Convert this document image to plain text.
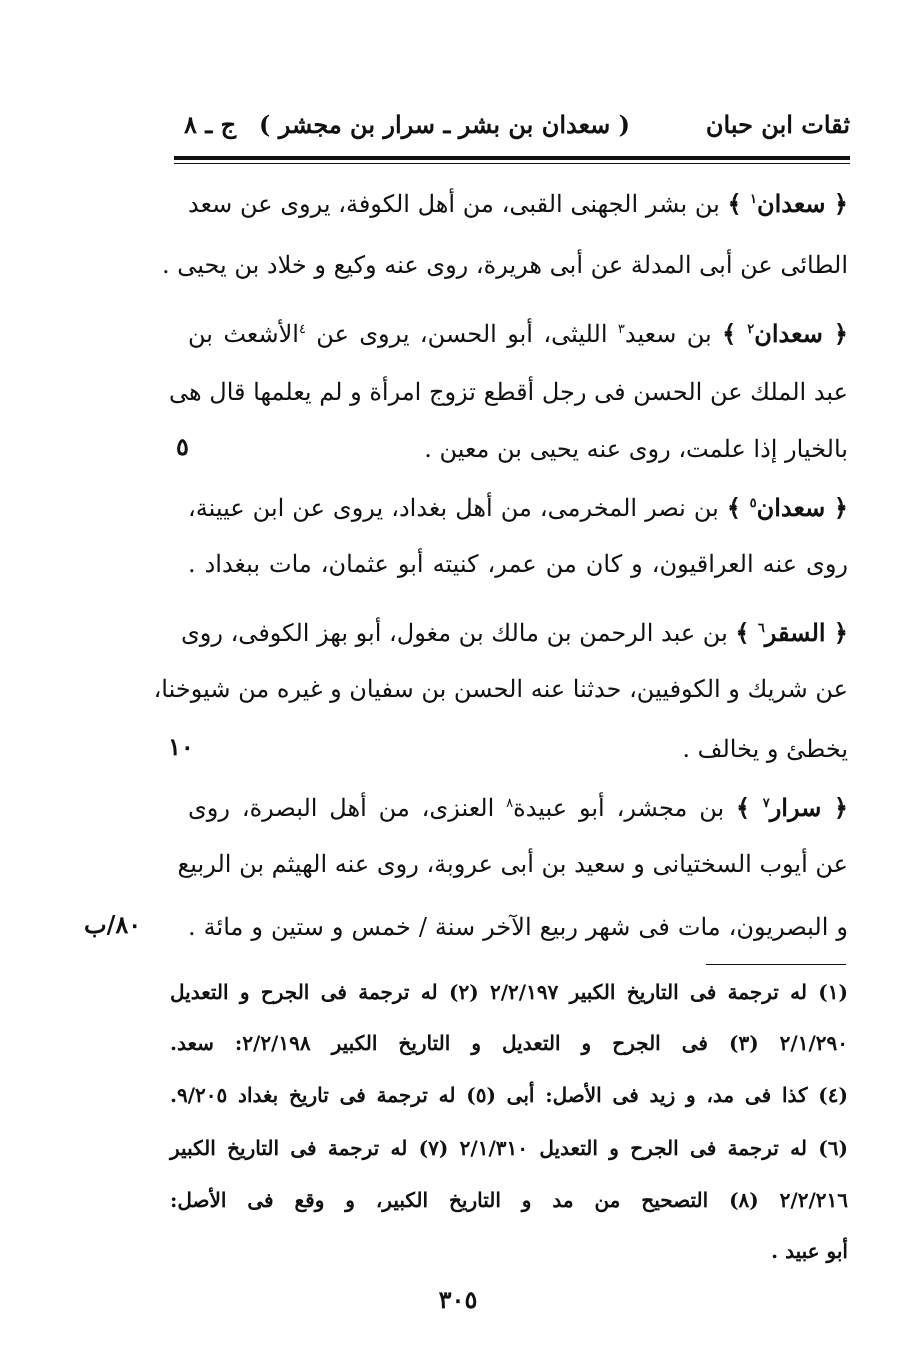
ثقات ابن حبان
( سعدان بن بشر ـ سرار بن مجشر )
ج ـ ٨
﴿ سعدان$^١$ ﴾ بن بشر الجهنى القبى، من أهل الكوفة، يروى عن سعد
الطائى عن أبى المدلة عن أبى هريرة، روى عنه وكيع و خلاد بن يحيى .
﴿ سعدان$^٢$ ﴾ بن سعيد$^٣$ الليثى، أبو الحسن، يروى عن $^٤$الأشعث بن
عبد الملك عن الحسن فى رجل أقطع تزوج امرأة و لم يعلمها قال هى
بالخيار إذا علمت، روى عنه يحيى بن معين .
﴿ سعدان$^٥$ ﴾ بن نصر المخرمى، من أهل بغداد، يروى عن ابن عيينة،
روى عنه العراقيون، و كان من عمر، كنيته أبو عثمان، مات ببغداد .
﴿ السقر$^٦$ ﴾ بن عبد الرحمن بن مالك بن مغول، أبو بهز الكوفى، روى
عن شريك و الكوفيين، حدثنا عنه الحسن بن سفيان و غيره من شيوخنا،
يخطئ و يخالف .
﴿ سرار$^٧$ ﴾ بن مجشر، أبو عبيدة$^٨$ العنزى، من أهل البصرة، روى
عن أيوب السختيانى و سعيد بن أبى عروبة، روى عنه الهيثم بن الربيع
و البصريون، مات فى شهر ربيع الآخر سنة / خمس و ستين و مائة .
٥
١٠
٨٠/ب
(١) له ترجمة فى التاريخ الكبير ٢/٢/١٩٧ (٢) له ترجمة فى الجرح و التعديل
٢/١/٢٩٠ (٣) فى الجرح و التعديل و التاريخ الكبير ٢/٢/١٩٨: سعد.
(٤) كذا فى مد، و زيد فى الأصل: أبى (٥) له ترجمة فى تاريخ بغداد ٩/٢٠٥.
(٦) له ترجمة فى الجرح و التعديل ٢/١/٣١٠ (٧) له ترجمة فى التاريخ الكبير
٢/٢/٢١٦ (٨) التصحيح من مد و التاريخ الكبير، و وقع فى الأصل:
أبو عبيد .
٣٠٥
